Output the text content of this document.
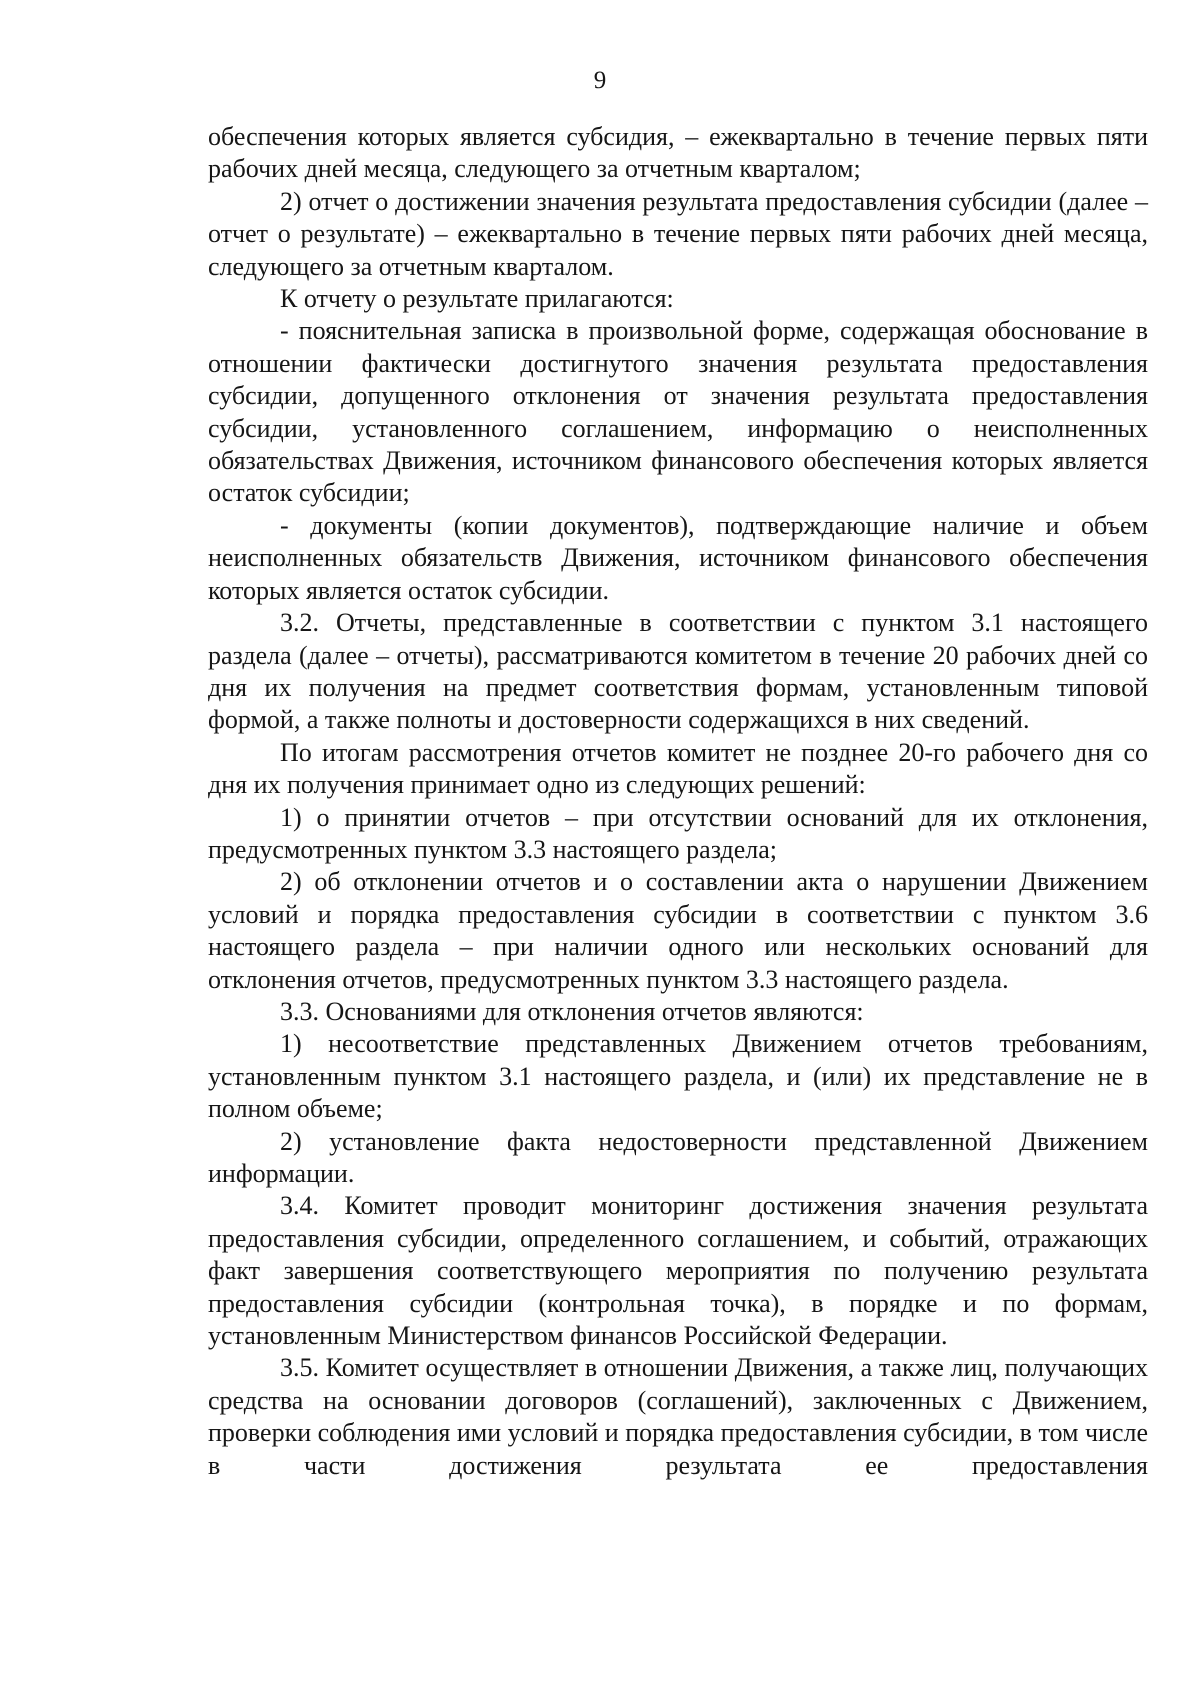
9

обеспечения которых является субсидия, – ежеквартально в течение первых пяти рабочих дней месяца, следующего за отчетным кварталом;

2) отчет о достижении значения результата предоставления субсидии (далее – отчет о результате) – ежеквартально в течение первых пяти рабочих дней месяца, следующего за отчетным кварталом.

К отчету о результате прилагаются:

- пояснительная записка в произвольной форме, содержащая обоснование в отношении фактически достигнутого значения результата предоставления субсидии, допущенного отклонения от значения результата предоставления субсидии, установленного соглашением, информацию о неисполненных обязательствах Движения, источником финансового обеспечения которых является остаток субсидии;

- документы (копии документов), подтверждающие наличие и объем неисполненных обязательств Движения, источником финансового обеспечения которых является остаток субсидии.

3.2. Отчеты, представленные в соответствии с пунктом 3.1 настоящего раздела (далее – отчеты), рассматриваются комитетом в течение 20 рабочих дней со дня их получения на предмет соответствия формам, установленным типовой формой, а также полноты и достоверности содержащихся в них сведений.

По итогам рассмотрения отчетов комитет не позднее 20-го рабочего дня со дня их получения принимает одно из следующих решений:

1) о принятии отчетов – при отсутствии оснований для их отклонения, предусмотренных пунктом 3.3 настоящего раздела;

2) об отклонении отчетов и о составлении акта о нарушении Движением условий и порядка предоставления субсидии в соответствии с пунктом 3.6 настоящего раздела – при наличии одного или нескольких оснований для отклонения отчетов, предусмотренных пунктом 3.3 настоящего раздела.

3.3. Основаниями для отклонения отчетов являются:

1) несоответствие представленных Движением отчетов требованиям, установленным пунктом 3.1 настоящего раздела, и (или) их представление не в полном объеме;

2) установление факта недостоверности представленной Движением информации.

3.4. Комитет проводит мониторинг достижения значения результата предоставления субсидии, определенного соглашением, и событий, отражающих факт завершения соответствующего мероприятия по получению результата предоставления субсидии (контрольная точка), в порядке и по формам, установленным Министерством финансов Российской Федерации.

3.5. Комитет осуществляет в отношении Движения, а также лиц, получающих средства на основании договоров (соглашений), заключенных с Движением, проверки соблюдения ими условий и порядка предоставления субсидии, в том числе в части достижения результата ее предоставления
